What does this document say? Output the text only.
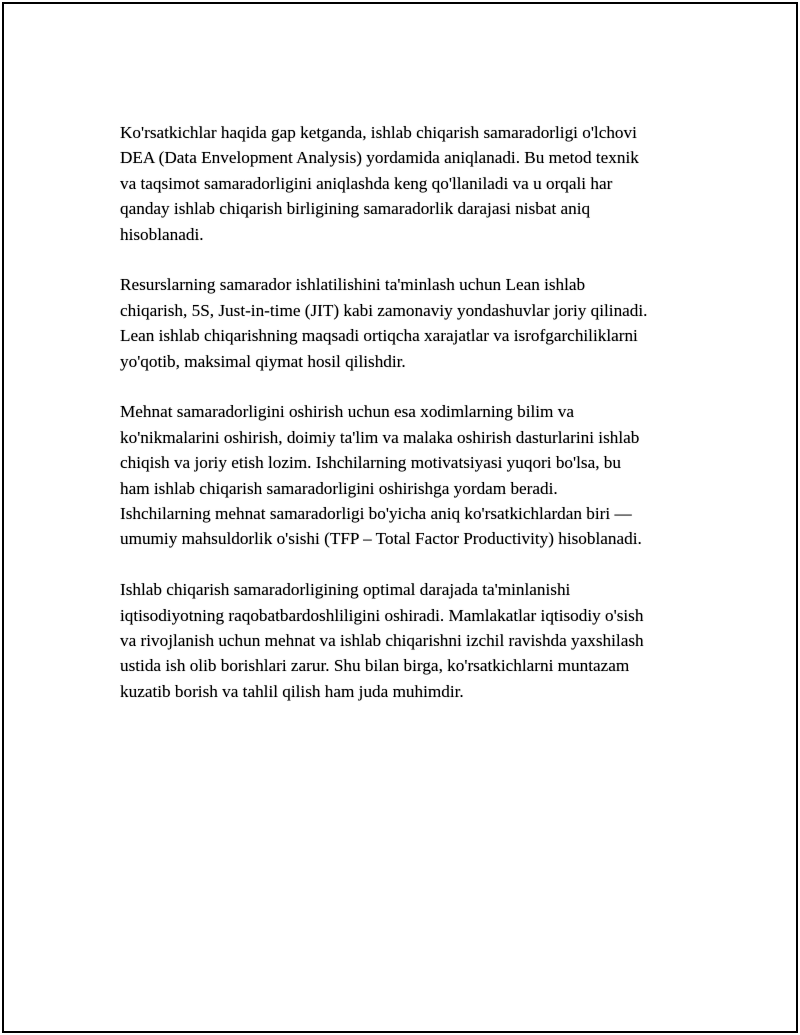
Ko'rsatkichlar haqida gap ketganda, ishlab chiqarish samaradorligi o'lchovi
DEA (Data Envelopment Analysis) yordamida aniqlanadi. Bu metod texnik
va taqsimot samaradorligini aniqlashda keng qo'llaniladi va u orqali har
qanday ishlab chiqarish birligining samaradorlik darajasi nisbat aniq
hisoblanadi.

Resurslarning samarador ishlatilishini ta'minlash uchun Lean ishlab
chiqarish, 5S, Just-in-time (JIT) kabi zamonaviy yondashuvlar joriy qilinadi.
Lean ishlab chiqarishning maqsadi ortiqcha xarajatlar va isrofgarchiliklarni
yo'qotib, maksimal qiymat hosil qilishdir.

Mehnat samaradorligini oshirish uchun esa xodimlarning bilim va
ko'nikmalarini oshirish, doimiy ta'lim va malaka oshirish dasturlarini ishlab
chiqish va joriy etish lozim. Ishchilarning motivatsiyasi yuqori bo'lsa, bu
ham ishlab chiqarish samaradorligini oshirishga yordam beradi.
Ishchilarning mehnat samaradorligi bo'yicha aniq ko'rsatkichlardan biri —
umumiy mahsuldorlik o'sishi (TFP – Total Factor Productivity) hisoblanadi.

Ishlab chiqarish samaradorligining optimal darajada ta'minlanishi
iqtisodiyotning raqobatbardoshliligini oshiradi. Mamlakatlar iqtisodiy o'sish
va rivojlanish uchun mehnat va ishlab chiqarishni izchil ravishda yaxshilash
ustida ish olib borishlari zarur. Shu bilan birga, ko'rsatkichlarni muntazam
kuzatib borish va tahlil qilish ham juda muhimdir.
